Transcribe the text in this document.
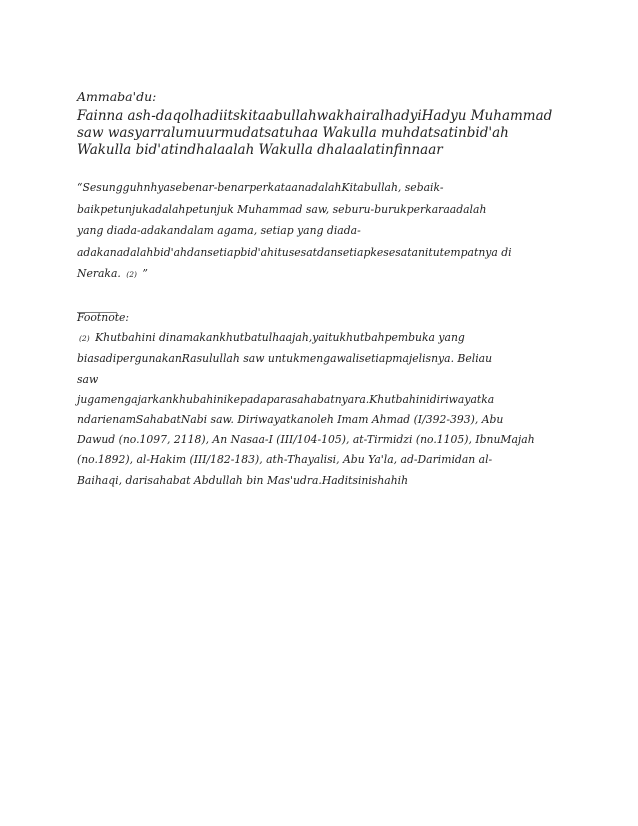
Ammaba'du:
Fainna ash-daqolhadiitskitaabullahwakhairalhadyiHadyu Muhammad
saw wasyarralumuurmudatsatuhaa Wakulla muhdatsatinbid'ah
Wakulla bid'atindhalaalah Wakulla dhalaalatinfinnaar
“Sesungguhnhyasebenar-benarperkataanadalahKitabullah, sebaik-
baikpetunjukadalahpetunjuk Muhammad saw, seburu-burukperkaraadalah
yang diada-adakandalam agama, setiap yang diada-
adakanadalahbid'ahdansetiapbid'ahitusesatdansetiapkesesatanitutempatnya di
Neraka. (2) ”
_____
Footnote:
(2) Khutbahini dinamakankhutbatulhaajah,yaitukhutbahpembuka yang
biasadipergunakanRasulullah saw untukmengawalisetiapmajelisnya. Beliau
saw
jugamengajarkankhubahinikepadaparasahabatnyara.Khutbahinidiriwayatka
ndarienamSahabatNabi saw. Diriwayatkanoleh Imam Ahmad (I/392-393), Abu
Dawud (no.1097, 2118), An Nasaa-I (III/104-105), at-Tirmidzi (no.1105), IbnuMajah
(no.1892), al-Hakim (III/182-183), ath-Thayalisi, Abu Ya'la, ad-Darimidan al-
Baihaqi, darisahabat Abdullah bin Mas'udra.Haditsinishahih
